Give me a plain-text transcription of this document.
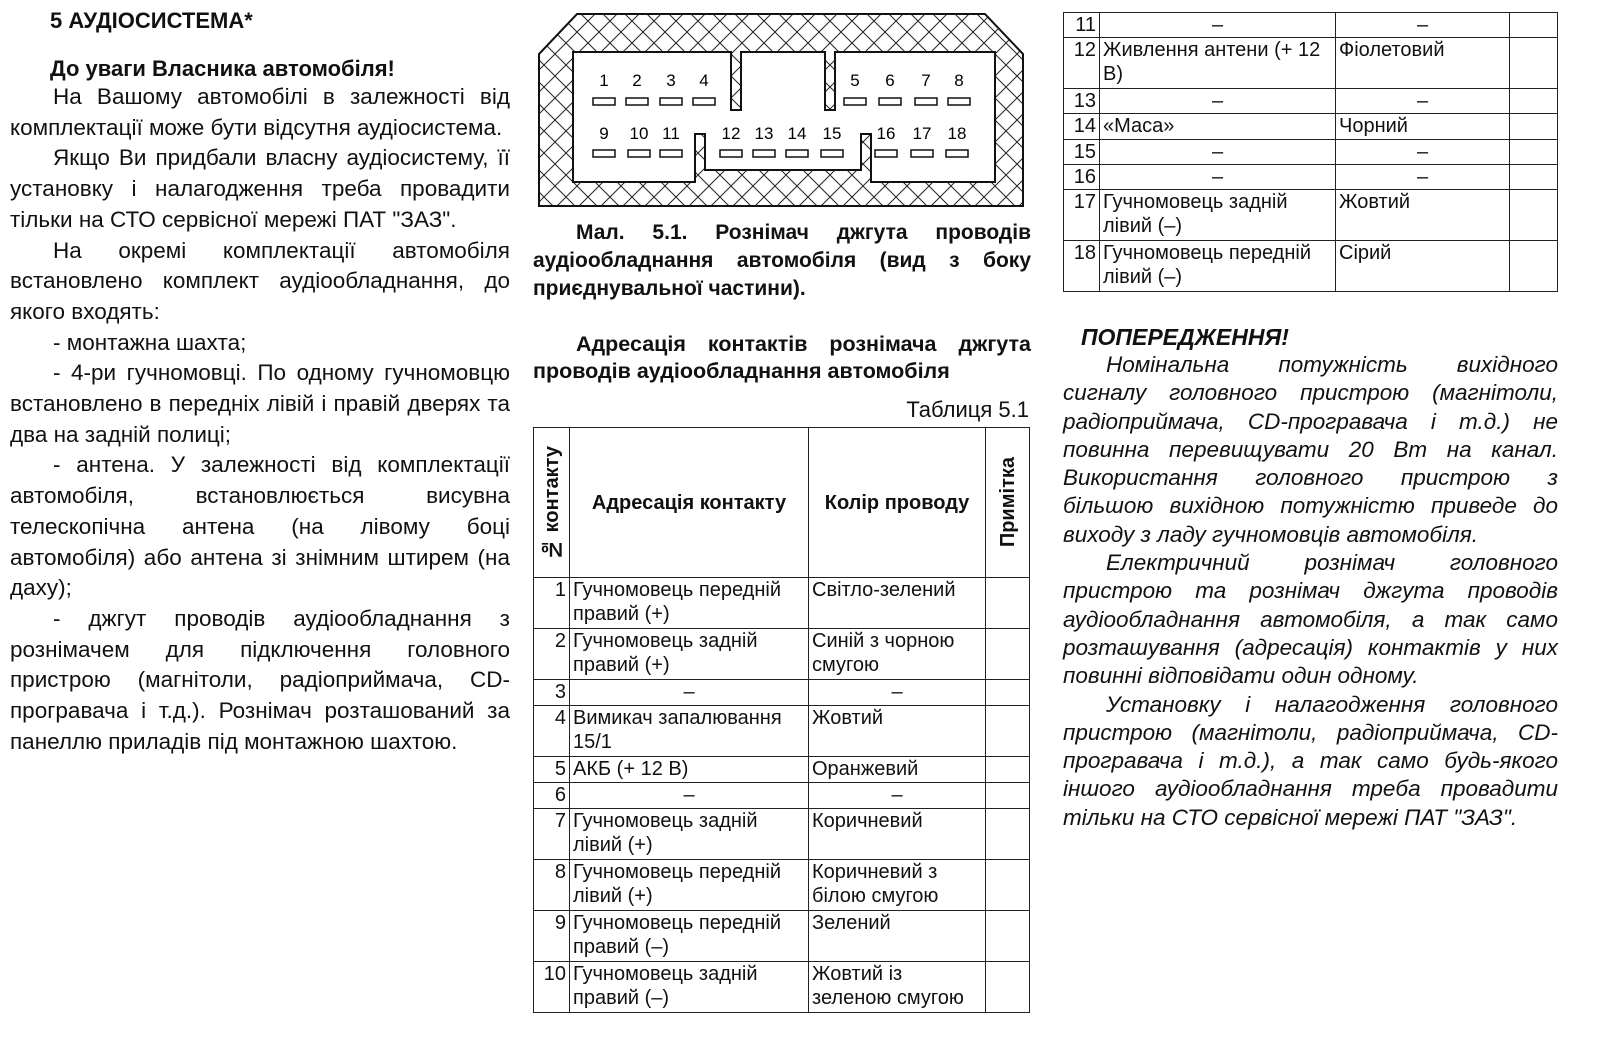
5 АУДІОСИСТЕМА*
До уваги Власника автомобіля!

На Вашому автомобілі в залежності від комплектації може бути відсутня аудіосистема.

Якщо Ви придбали власну аудіосистему, її установку і налагодження треба провадити тільки на СТО сервісної мережі ПАТ "ЗАЗ".

На окремі комплектації автомобіля встановлено комплект аудіообладнання, до якого входять:

- монтажна шахта;

- 4-ри гучномовці. По одному гучномовцю встановлено в передніх лівій і правій дверях та два на задній полиці;

- антена. У залежності від комплектації автомобіля, встановлюється висувна телескопічна антена (на лівому боці автомобіля) або антена зі знімним штирем (на даху);

- джгут проводів аудіообладнання з рознімачем для підключення головного пристрою (магнітоли, радіоприймача, CD-програвача і т.д.). Рознімач розташований за панеллю приладів під монтажною шахтою.

1 2 3 4	5 6 7 8
9 10 11 12 13 14 15 16 17 18
Мал. 5.1. Рознімач джгута проводів аудіообладнання автомобіля (вид з боку приєднувальної частини).
Адресація контактів рознімача джгута проводів аудіообладнання автомобіля
Таблиця 5.1
№ контакту	Адресація контакту	Колір проводу	Примітка

1	Гучномовець передній правий (+)	Світло-зелений	
2	Гучномовець задній правий (+)	Синій з чорною смугою	
3	–	–	
4	Вимикач запалювання 15/1	Жовтий	
5	АКБ (+ 12 В)	Оранжевий	
6	–	–	
7	Гучномовець задній лівий (+)	Коричневий	
8	Гучномовець передній лівий (+)	Коричневий з білою смугою	
9	Гучномовець передній правий (–)	Зелений	
10	Гучномовець задній правий (–)	Жовтий із зеленою смугою	
11	–	–	
12	Живлення антени (+ 12 В)	Фіолетовий	
13	–	–	
14	«Маса»	Чорний	
15	–	–	
16	–	–	
17	Гучномовець задній лівий (–)	Жовтий	
18	Гучномовець передній лівий (–)	Сірий	
ПОПЕРЕДЖЕННЯ!

Номінальна потужність вихідного сигналу головного пристрою (магнітоли, радіоприймача, CD-програвача і т.д.) не повинна перевищувати 20 Вт на канал. Використання головного пристрою з більшою вихідною потужністю приведе до виходу з ладу гучномовців автомобіля.

Електричний рознімач головного пристрою та рознімач джгута проводів аудіообладнання автомобіля, а так само розташування (адресація) контактів у них повинні відповідати один одному.

Установку і налагодження головного пристрою (магнітоли, радіоприймача, CD-програвача і т.д.), а так само будь-якого іншого аудіообладнання треба провадити тільки на СТО сервісної мережі ПАТ "ЗАЗ".
